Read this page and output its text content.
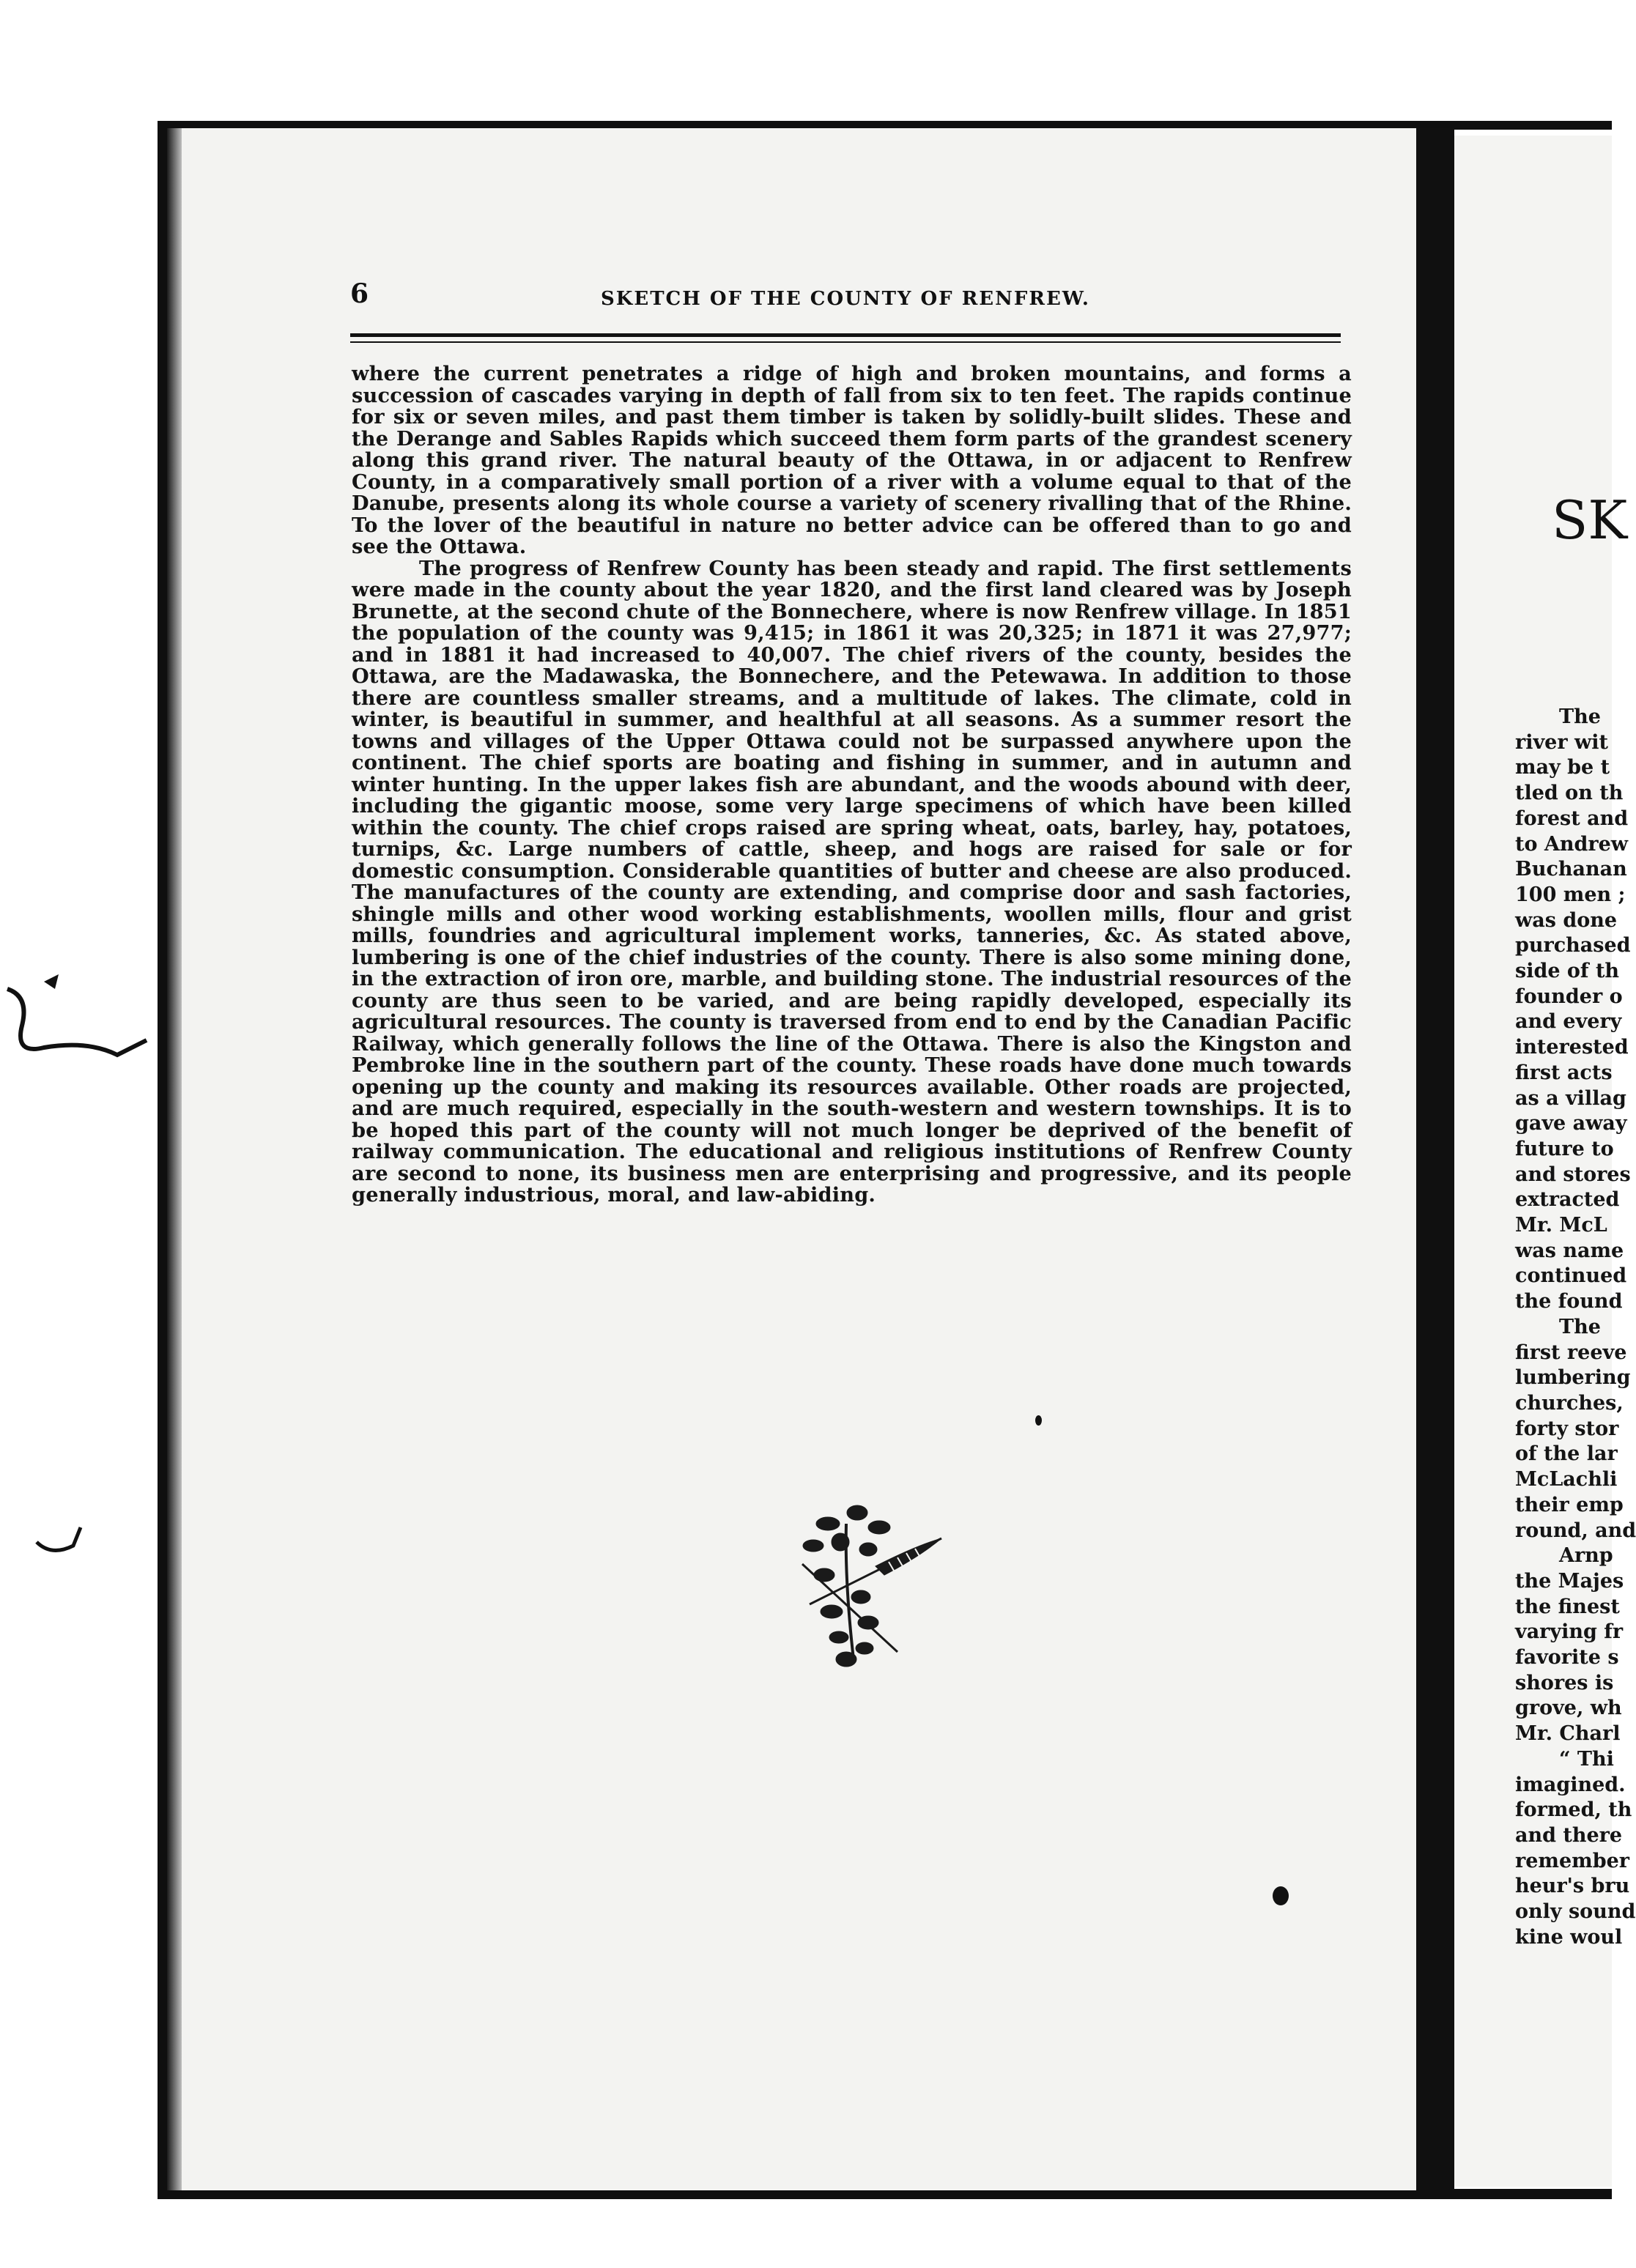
6	SKETCH OF THE COUNTY OF RENFREW.

where the current penetrates a ridge of high and broken mountains, and forms a succession of cascades varying in depth of fall from six to ten feet. The rapids continue for six or seven miles, and past them timber is taken by solidly-built slides. These and the Derange and Sables Rapids which succeed them form parts of the grandest scenery along this grand river. The natural beauty of the Ottawa, in or adjacent to Renfrew County, in a comparatively small portion of a river with a volume equal to that of the Danube, presents along its whole course a variety of scenery rivalling that of the Rhine. To the lover of the beautiful in nature no better advice can be offered than to go and see the Ottawa.

The progress of Renfrew County has been steady and rapid. The first settlements were made in the county about the year 1820, and the first land cleared was by Joseph Brunette, at the second chute of the Bonnechere, where is now Renfrew village. In 1851 the population of the county was 9,415; in 1861 it was 20,325; in 1871 it was 27,977; and in 1881 it had increased to 40,007. The chief rivers of the county, besides the Ottawa, are the Madawaska, the Bonnechere, and the Petewawa. In addition to those there are countless smaller streams, and a multitude of lakes. The climate, cold in winter, is beautiful in summer, and healthful at all seasons. As a summer resort the towns and villages of the Upper Ottawa could not be surpassed anywhere upon the continent. The chief sports are boating and fishing in summer, and in autumn and winter hunting. In the upper lakes fish are abundant, and the woods abound with deer, including the gigantic moose, some very large specimens of which have been killed within the county. The chief crops raised are spring wheat, oats, barley, hay, potatoes, turnips, &c. Large numbers of cattle, sheep, and hogs are raised for sale or for domestic consumption. Considerable quantities of butter and cheese are also produced. The manufactures of the county are extending, and comprise door and sash factories, shingle mills and other wood working establishments, woollen mills, flour and grist mills, foundries and agricultural implement works, tanneries, &c. As stated above, lumbering is one of the chief industries of the county. There is also some mining done, in the extraction of iron ore, marble, and building stone. The industrial resources of the county are thus seen to be varied, and are being rapidly developed, especially its agricultural resources. The county is traversed from end to end by the Canadian Pacific Railway, which generally follows the line of the Ottawa. There is also the Kingston and Pembroke line in the southern part of the county. These roads have done much towards opening up the county and making its resources available. Other roads are projected, and are much required, especially in the south-western and western townships. It is to be hoped this part of the county will not much longer be deprived of the benefit of railway communication. The educational and religious institutions of Renfrew County are second to none, its business men are enterprising and progressive, and its people generally industrious, moral, and law-abiding.

SK
The
river wit
may be t
tled on th
forest and
to Andrew
Buchanan
100 men ;
was done
purchased
side of th
founder o
and every
interested
first acts
as a villag
gave away
future to
and stores
extracted
Mr. McL
was name
continued
the found
The
first reeve
lumbering
churches,
forty stor
of the lar
McLachli
their emp
round, and
Arnp
the Majes
the finest
varying fr
favorite s
shores is
grove, wh
Mr. Charl
“ Thi
imagined.
formed, th
and there
remember
heur's bru
only sound
kine woul
